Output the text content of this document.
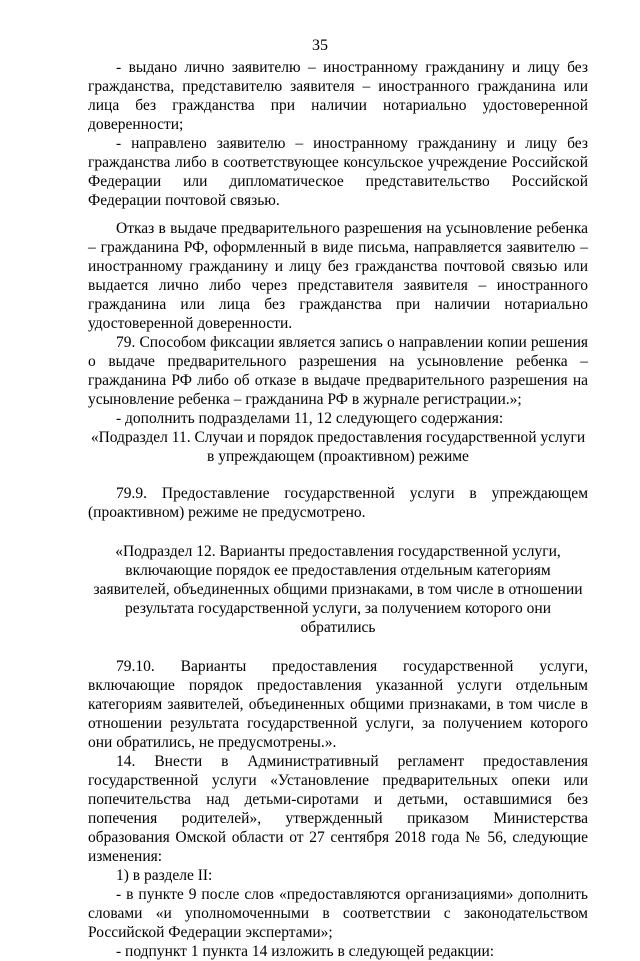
35

- выдано лично заявителю – иностранному гражданину и лицу без гражданства, представителю заявителя – иностранного гражданина или лица без гражданства при наличии нотариально удостоверенной доверенности;

- направлено заявителю – иностранному гражданину и лицу без гражданства либо в соответствующее консульское учреждение Российской Федерации или дипломатическое представительство Российской Федерации почтовой связью.

Отказ в выдаче предварительного разрешения на усыновление ребенка – гражданина РФ, оформленный в виде письма, направляется заявителю – иностранному гражданину и лицу без гражданства почтовой связью или выдается лично либо через представителя заявителя – иностранного гражданина или лица без гражданства при наличии нотариально удостоверенной доверенности.

79. Способом фиксации является запись о направлении копии решения о выдаче предварительного разрешения на усыновление ребенка – гражданина РФ либо об отказе в выдаче предварительного разрешения на усыновление ребенка – гражданина РФ в журнале регистрации.»;

- дополнить подразделами 11, 12 следующего содержания:

«Подраздел 11. Случаи и порядок предоставления государственной услуги в упреждающем (проактивном) режиме

79.9. Предоставление государственной услуги в упреждающем (проактивном) режиме не предусмотрено.

«Подраздел 12. Варианты предоставления государственной услуги, включающие порядок ее предоставления отдельным категориям заявителей, объединенных общими признаками, в том числе в отношении результата государственной услуги, за получением которого они обратились

79.10. Варианты предоставления государственной услуги, включающие порядок предоставления указанной услуги отдельным категориям заявителей, объединенных общими признаками, в том числе в отношении результата государственной услуги, за получением которого они обратились, не предусмотрены.».

14. Внести в Административный регламент предоставления государственной услуги «Установление предварительных опеки или попечительства над детьми-сиротами и детьми, оставшимися без попечения родителей», утвержденный приказом Министерства образования Омской области от 27 сентября 2018 года № 56, следующие изменения:

1) в разделе II:

- в пункте 9 после слов «предоставляются организациями» дополнить словами «и уполномоченными в соответствии с законодательством Российской Федерации экспертами»;

- подпункт 1 пункта 14 изложить в следующей редакции:
